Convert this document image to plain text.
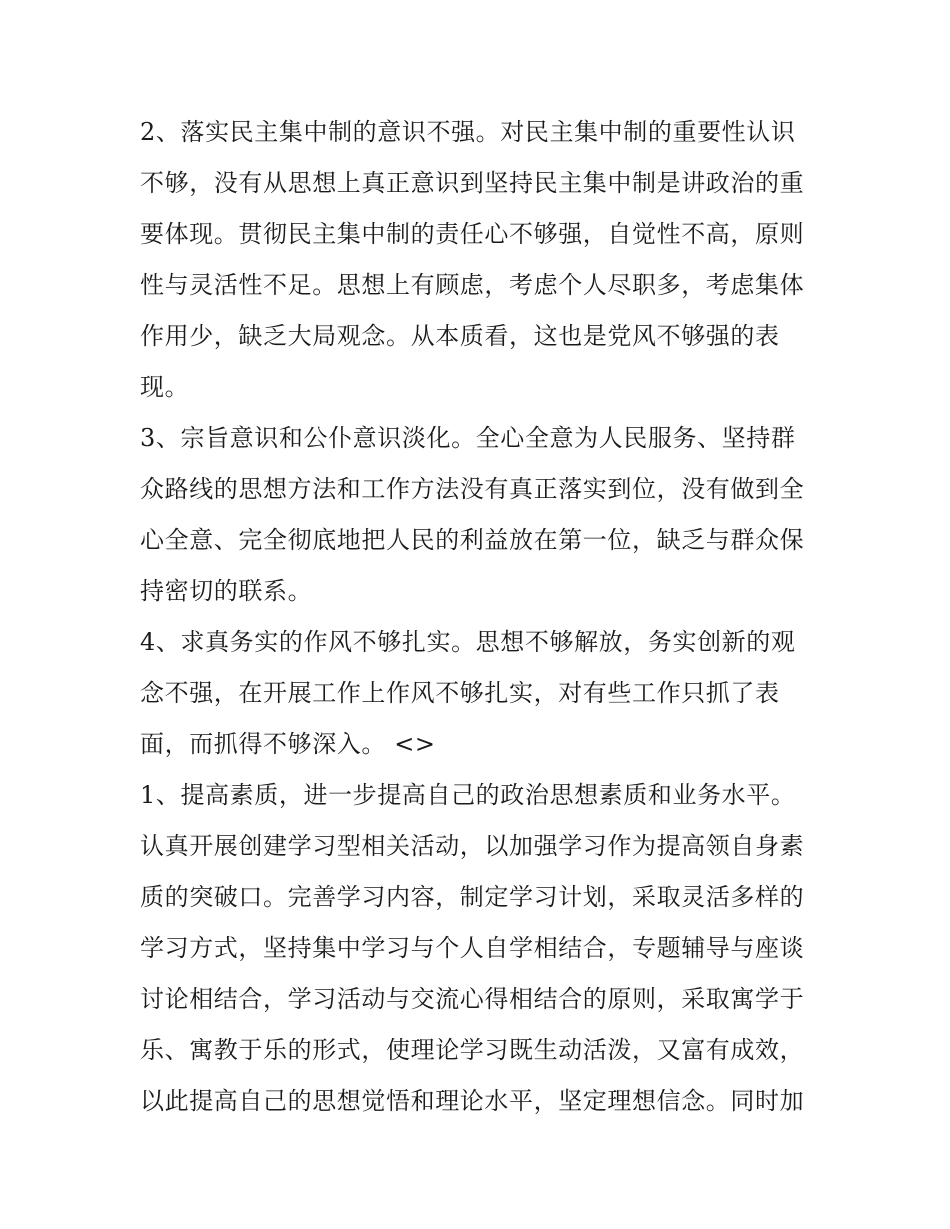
2、落实民主集中制的意识不强。对民主集中制的重要性认识
不够，没有从思想上真正意识到坚持民主集中制是讲政治的重
要体现。贯彻民主集中制的责任心不够强，自觉性不高，原则
性与灵活性不足。思想上有顾虑，考虑个人尽职多，考虑集体
作用少，缺乏大局观念。从本质看，这也是党风不够强的表
现。
3、宗旨意识和公仆意识淡化。全心全意为人民服务、坚持群
众路线的思想方法和工作方法没有真正落实到位，没有做到全
心全意、完全彻底地把人民的利益放在第一位，缺乏与群众保
持密切的联系。
4、求真务实的作风不够扎实。思想不够解放，务实创新的观
念不强，在开展工作上作风不够扎实，对有些工作只抓了表
面，而抓得不够深入。 <>
1、提高素质，进一步提高自己的政治思想素质和业务水平。
认真开展创建学习型相关活动，以加强学习作为提高领自身素
质的突破口。完善学习内容，制定学习计划，采取灵活多样的
学习方式，坚持集中学习与个人自学相结合，专题辅导与座谈
讨论相结合，学习活动与交流心得相结合的原则，采取寓学于
乐、寓教于乐的形式，使理论学习既生动活泼，又富有成效，
以此提高自己的思想觉悟和理论水平，坚定理想信念。同时加
